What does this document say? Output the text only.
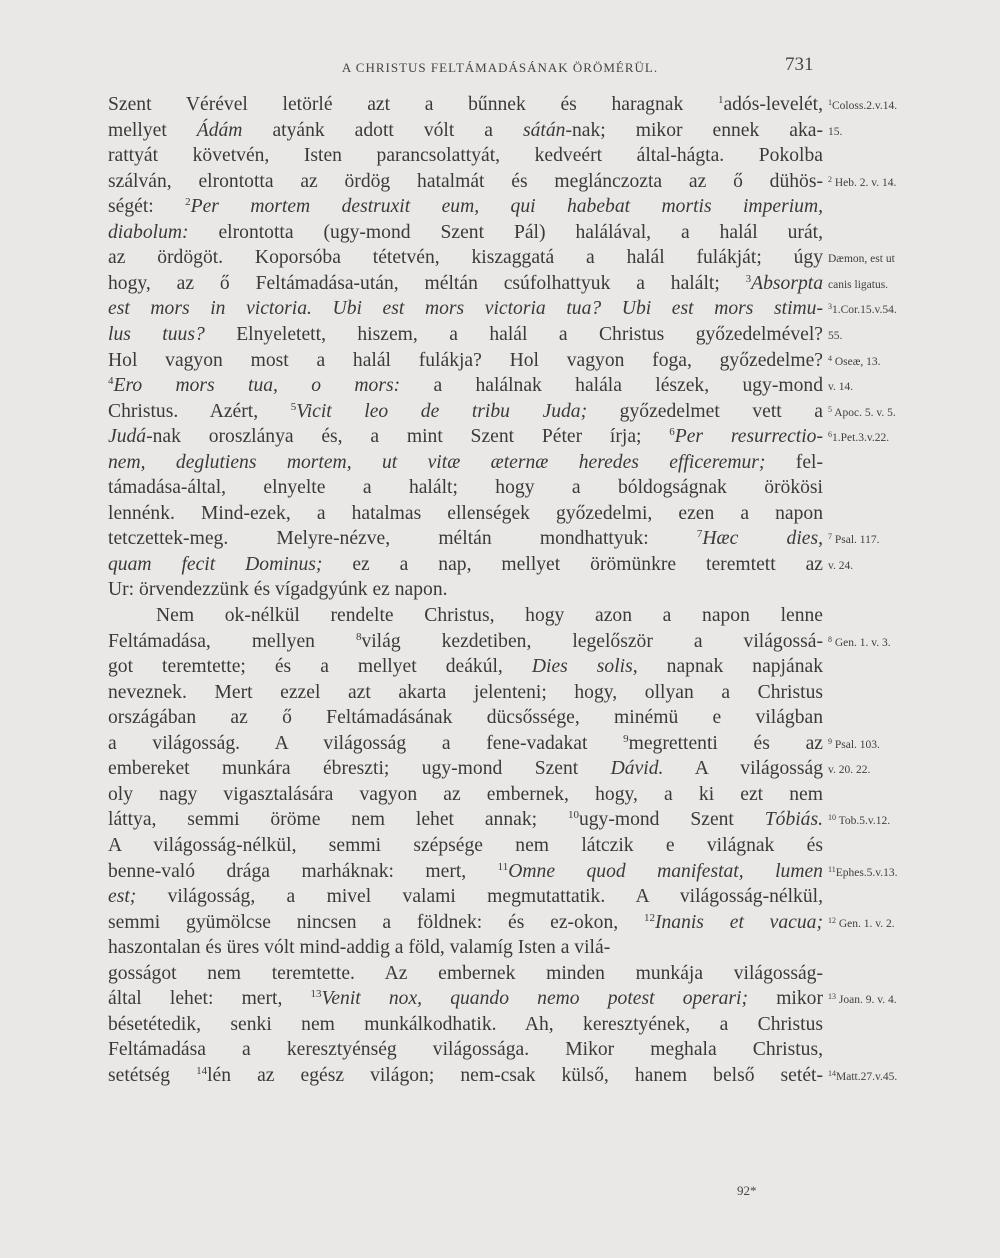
A CHRISTUS FELTÁMADÁSÁNAK ÖRÖMÉRÜL.	731
Szent Vérével letörlé azt a bűnnek és haragnak $^1$adós-levelét,
mellyet Ádám atyánk adott vólt a sátán-nak; mikor ennek aka-
rattyát követvén, Isten parancsolattyát, kedveért által-hágta. Pokolba
szálván, elrontotta az ördög hatalmát és meglánczozta az ő dühös-
ségét: $^2$Per mortem destruxit eum, qui habebat mortis imperium,
diabolum: elrontotta (ugy-mond Szent Pál) halálával, a halál urát,
az ördögöt. Koporsóba tétetvén, kiszaggatá a halál fulákját; úgy
hogy, az ő Feltámadása-után, méltán csúfolhattyuk a halált; $^3$Absorpta
est mors in victoria. Ubi est mors victoria tua? Ubi est mors stimu-
lus tuus? Elnyeletett, hiszem, a halál a Christus győzedelmével?
Hol vagyon most a halál fulákja? Hol vagyon foga, győzedelme?
$^4$Ero mors tua, o mors: a halálnak halála lészek, ugy-mond
Christus. Azért, $^5$Vicit leo de tribu Juda; győzedelmet vett a
Judá-nak oroszlánya és, a mint Szent Péter írja; $^6$Per resurrectio-
nem, deglutiens mortem, ut vitæ æternæ heredes efficeremur; fel-
támadása-által, elnyelte a halált; hogy a bóldogságnak örökösi
lennénk. Mind-ezek, a hatalmas ellenségek győzedelmi, ezen a napon
tetczettek-meg. Melyre-nézve, méltán mondhattyuk: $^7$Hæc dies,
quam fecit Dominus; ez a nap, mellyet örömünkre teremtett az
Ur: örvendezzünk és vígadgyúnk ez napon.
Nem ok-nélkül rendelte Christus, hogy azon a napon lenne
Feltámadása, mellyen $^8$világ kezdetiben, legelőször a világossá-
got teremtette; és a mellyet deákúl, Dies solis, napnak napjának
neveznek. Mert ezzel azt akarta jelenteni; hogy, ollyan a Christus
országában az ő Feltámadásának dücsőssége, minémü e világban
a világosság. A világosság a fene-vadakat $^9$megrettenti és az
embereket munkára ébreszti; ugy-mond Szent Dávid. A világosság
oly nagy vigasztalására vagyon az embernek, hogy, a ki ezt nem
láttya, semmi öröme nem lehet annak; $^{10}$ugy-mond Szent Tóbiás.
A világosság-nélkül, semmi szépsége nem látczik e világnak és
benne-való drága marháknak: mert, $^{11}$Omne quod manifestat, lumen
est; világosság, a mivel valami megmutattatik. A világosság-nélkül,
semmi gyümölcse nincsen a földnek: és ez-okon, $^{12}$Inanis et vacua;
haszontalan és üres vólt mind-addig a föld, valamíg Isten a vilá-
gosságot nem teremtette. Az embernek minden munkája világosság-
által lehet: mert, $^{13}$Venit nox, quando nemo potest operari; mikor
bésetétedik, senki nem munkálkodhatik. Ah, keresztyének, a Christus
Feltámadása a keresztyénség világossága. Mikor meghala Christus,
setétség $^{14}$lén az egész világon; nem-csak külső, hanem belső setét-
$^1$Coloss.2.v.14.
15.
$^2$ Heb. 2. v. 14.
Dæmon, est ut
canis ligatus.
$^3$1.Cor.15.v.54.
55.
$^4$ Oseæ, 13.
v. 14.
$^5$ Apoc. 5. v. 5.
$^6$1.Pet.3.v.22.
$^7$ Psal. 117.
v. 24.
$^8$ Gen. 1. v. 3.
$^9$ Psal. 103.
v. 20. 22.
$^{10}$ Tob.5.v.12.
$^{11}$Ephes.5.v.13.
$^{12}$ Gen. 1. v. 2.
$^{13}$ Joan. 9. v. 4.
$^{14}$Matt.27.v.45.
92*
